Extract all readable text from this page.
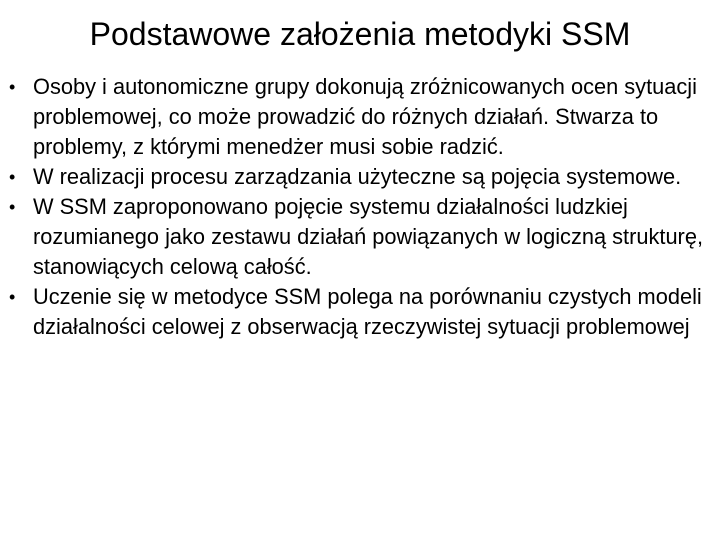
Podstawowe założenia metodyki SSM
• Osoby i autonomiczne grupy dokonują zróżnicowanych ocen sytuacji problemowej, co może prowadzić do różnych działań. Stwarza to problemy, z którymi menedżer musi sobie radzić.
• W realizacji procesu zarządzania użyteczne są pojęcia systemowe.
• W SSM zaproponowano pojęcie systemu działalności ludzkiej rozumianego jako zestawu działań powiązanych w logiczną strukturę, stanowiących celową całość.
• Uczenie się w metodyce SSM polega na porównaniu czystych modeli działalności celowej z obserwacją rzeczywistej sytuacji problemowej
